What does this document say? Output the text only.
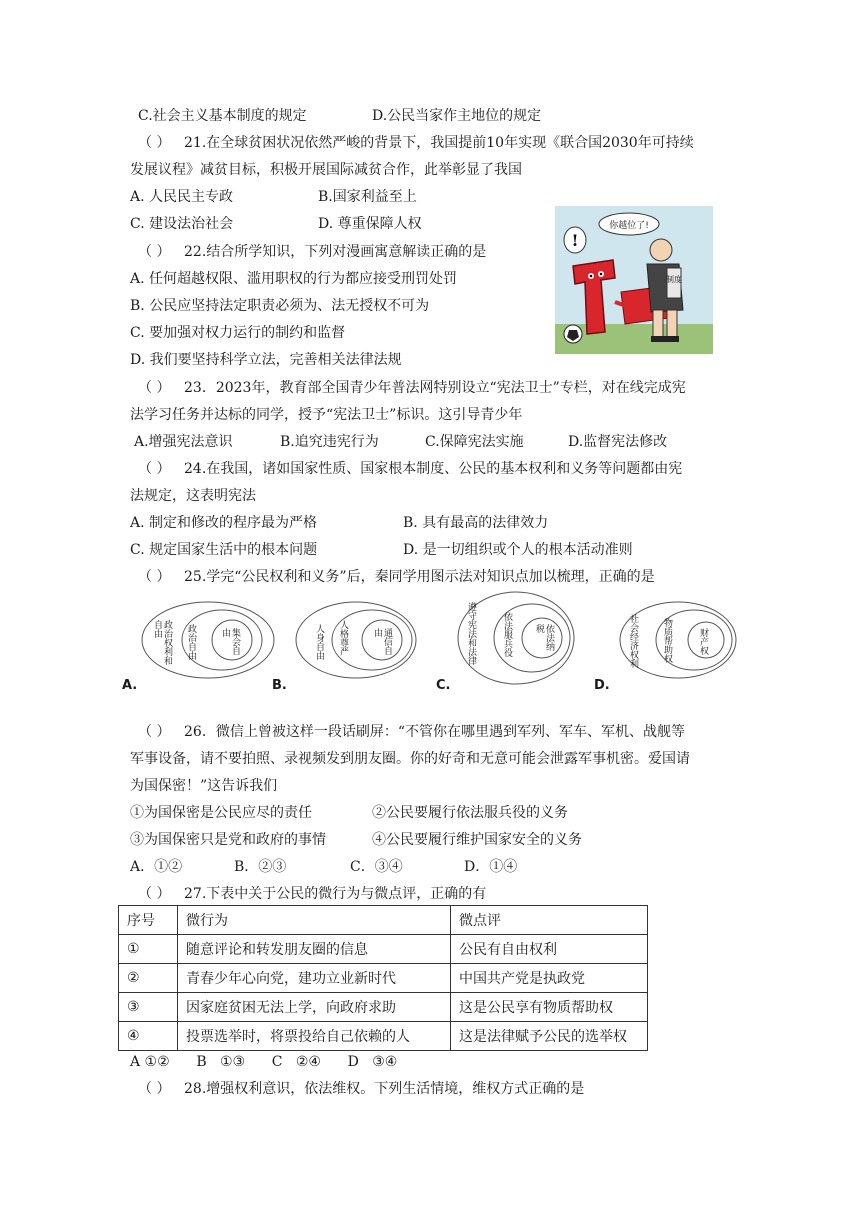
C.社会主义基本制度的规定	D.公民当家作主地位的规定
（ ） 21.在全球贫困状况依然严峻的背景下，我国提前10年实现《联合国2030年可持续
发展议程》减贫目标，积极开展国际减贫合作，此举彰显了我国
A. 人民民主专政	B.国家利益至上
C. 建设法治社会	D. 尊重保障人权
（ ） 22.结合所学知识，下列对漫画寓意解读正确的是
A. 任何超越权限、滥用职权的行为都应接受刑罚处罚
B. 公民应坚持法定职责必须为、法无授权不可为
C. 要加强对权力运行的制约和监督
D. 我们要坚持科学立法，完善相关法律法规
你越位了!
!
制度
（ ） 23．2023年，教育部全国青少年普法网特别设立“宪法卫士”专栏，对在线完成宪
法学习任务并达标的同学，授予“宪法卫士”标识。这引导青少年
A.增强宪法意识	B.追究违宪行为	C.保障宪法实施	D.监督宪法修改
（ ） 24.在我国，诸如国家性质、国家根本制度、公民的基本权利和义务等问题都由宪
法规定，这表明宪法
A. 制定和修改的程序最为严格	B. 具有最高的法律效力
C. 规定国家生活中的根本问题	D. 是一切组织或个人的根本活动准则
（ ） 25.学完“公民权利和义务”后，秦同学用图示法对知识点加以梳理，正确的是
A.	B.	C.	D.
政治权利和自由	政治自由	集会自由	人身自由 人格尊严	通信自由	遵守宪法和法律	依法服兵役	依法纳税	社会经济权利	物质帮助权	财产权
（ ） 26．微信上曾被这样一段话刷屏：“不管你在哪里遇到军列、军车、军机、战舰等
军事设备，请不要拍照、录视频发到朋友圈。你的好奇和无意可能会泄露军事机密。爱国请
为国保密！”这告诉我们
①为国保密是公民应尽的责任	②公民要履行依法服兵役的义务
③为国保密只是党和政府的事情	④公民要履行维护国家安全的义务
A．①②	B．②③	C．③④	D．①④
（ ） 27.下表中关于公民的微行为与微点评，正确的有
序号	微行为	微点评
①	随意评论和转发朋友圈的信息	公民有自由权利
②	青春少年心向党，建功立业新时代	中国共产党是执政党
③	因家庭贫困无法上学，向政府求助	这是公民享有物质帮助权
④	投票选举时，将票投给自己依赖的人	这是法律赋予公民的选举权
A ①②      B   ①③      C   ②④      D   ③④
（ ） 28.增强权利意识，依法维权。下列生活情境，维权方式正确的是
